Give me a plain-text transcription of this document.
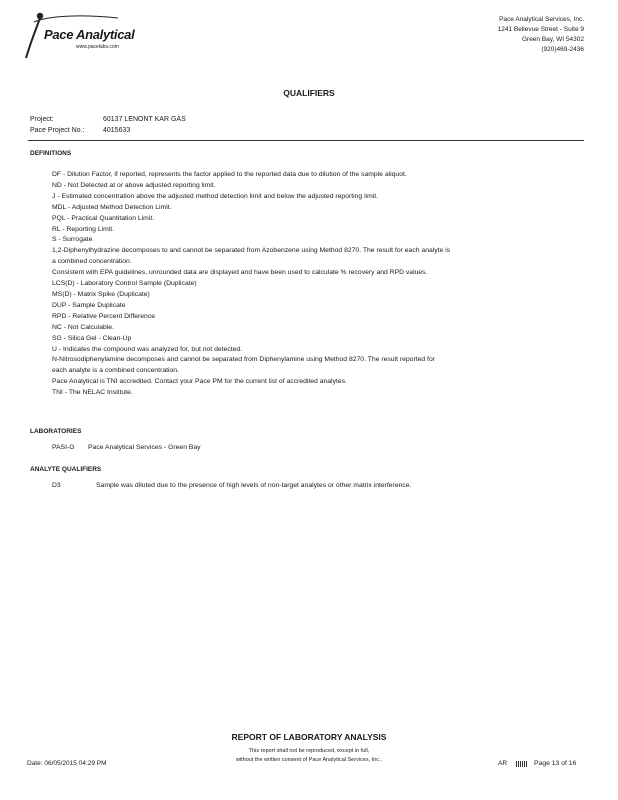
Pace Analytical
www.pacelabs.com
Pace Analytical Services, Inc.
1241 Bellevue Street - Suite 9
Green Bay, WI 54302
(920)469-2436
QUALIFIERS
Project:	60137 LENONT KAR GAS
Pace Project No.:	4015633
DEFINITIONS
DF - Dilution Factor, if reported, represents the factor applied to the reported data due to dilution of the sample aliquot.
ND - Not Detected at or above adjusted reporting limit.
J - Estimated concentration above the adjusted method detection limit and below the adjusted reporting limit.
MDL - Adjusted Method Detection Limit.
PQL - Practical Quantitation Limit.
RL - Reporting Limit.
S - Surrogate
1,2-Diphenylhydrazine decomposes to and cannot be separated from Azobenzene using Method 8270. The result for each analyte is
a combined concentration.
Consistent with EPA guidelines, unrounded data are displayed and have been used to calculate % recovery and RPD values.
LCS(D) - Laboratory Control Sample (Duplicate)
MS(D) - Matrix Spike (Duplicate)
DUP - Sample Duplicate
RPD - Relative Percent Difference
NC - Not Calculable.
SG - Silica Gel - Clean-Up
U - Indicates the compound was analyzed for, but not detected.
N-Nitrosodiphenylamine decomposes and cannot be separated from Diphenylamine using Method 8270. The result reported for
each analyte is a combined concentration.
Pace Analytical is TNI accredited. Contact your Pace PM for the current list of accredited analytes.
TNI - The NELAC Institute.
LABORATORIES
PASI-G Pace Analytical Services - Green Bay
ANALYTE QUALIFIERS
D3	Sample was diluted due to the presence of high levels of non-target analytes or other matrix interference.
REPORT OF LABORATORY ANALYSIS
This report shall not be reproduced, except in full,
without the written consent of Pace Analytical Services, Inc..
Date: 06/05/2015 04:29 PM	AR	Page 13 of 16
